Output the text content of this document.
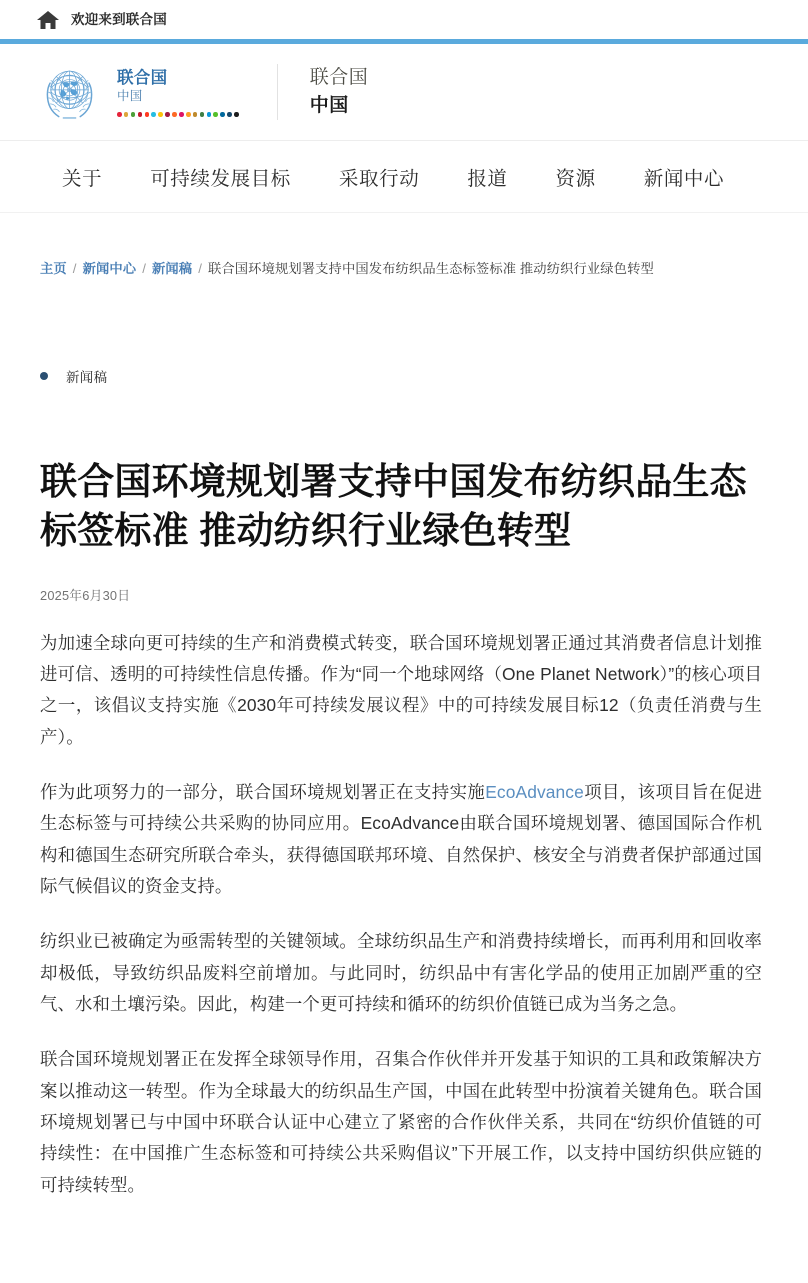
欢迎来到联合国
联合国
中国
联合国
中国
关于 可持续发展目标 采取行动 报道 资源 新闻中心
主页 / 新闻中心 / 新闻稿 / 联合国环境规划署支持中国发布纺织品生态标签标准 推动纺织行业绿色转型
新闻稿
联合国环境规划署支持中国发布纺织品生态标签标准 推动纺织行业绿色转型
2025年6月30日

为加速全球向更可持续的生产和消费模式转变，联合国环境规划署正通过其消费者信息计划推进可信、透明的可持续性信息传播。作为“同一个地球网络（One Planet Network）”的核心项目之一，该倡议支持实施《2030年可持续发展议程》中的可持续发展目标12（负责任消费与生产）。

作为此项努力的一部分，联合国环境规划署正在支持实施EcoAdvance项目，该项目旨在促进生态标签与可持续公共采购的协同应用。EcoAdvance由联合国环境规划署、德国国际合作机构和德国生态研究所联合牵头，获得德国联邦环境、自然保护、核安全与消费者保护部通过国际气候倡议的资金支持。

纺织业已被确定为亟需转型的关键领域。全球纺织品生产和消费持续增长，而再利用和回收率却极低，导致纺织品废料空前增加。与此同时，纺织品中有害化学品的使用正加剧严重的空气、水和土壤污染。因此，构建一个更可持续和循环的纺织价值链已成为当务之急。

联合国环境规划署正在发挥全球领导作用，召集合作伙伴并开发基于知识的工具和政策解决方案以推动这一转型。作为全球最大的纺织品生产国，中国在此转型中扮演着关键角色。联合国环境规划署已与中国中环联合认证中心建立了紧密的合作伙伴关系，共同在“纺织价值链的可持续性：在中国推广生态标签和可持续公共采购倡议”下开展工作，以支持中国纺织供应链的可持续转型。
